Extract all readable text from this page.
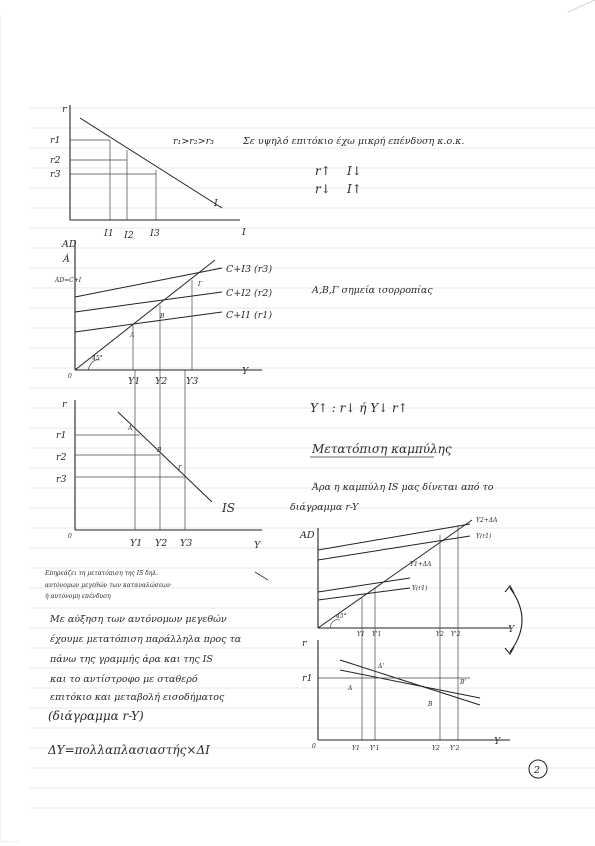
r
r1
r2
r3
I1 I2 I3	I
I
r₁>r₂>r₃	Σε υψηλό επιτόκιο έχω μικρή επένδυση κ.ο.κ.
r↑ I↓
r↓ I↑
AD
Ȧ
AD=C+I
45°
C+I3 (r3)
C+I2 (r2)
C+I1 (r1)
A
B
Γ
Y1 Y2 Y3
Y
0
Α,Β,Γ σημεία ισορροπίας
r
r1
r2
r3
A
B
Γ
IS
Y1 Y2 Y3	Y
0
Y↑ : r↓ ή Y↓ r↑
Μετατόπιση καμπύλης
Άρα η καμπύλη IS μας δίνεται από το
διάγραμμα r-Y
AD
Y2+ΔA
Y(r1)
Y1+ΔA
Y(r1)
45°
Y1 Y'1	Y2 Y'2	Y
r
r1
A
A'
B
B'
Y1 Y'1	Y2 Y'2
Y
0
Επηρεάζει τη μετατόπιση της IS δηλ.
αυτόνομων μεγεθών των καταναλώσεων
ή αυτόνομη επένδυση
Με αύξηση των αυτόνομων μεγεθών
έχουμε μετατόπιση παράλληλα προς τα
πάνω της γραμμής άρα και της IS
και το αντίστροφο με σταθερό
επιτόκιο και μεταβολή εισοδήματος
(διάγραμμα r-Y)
ΔY=πολλαπλασιαστής×ΔI
2
